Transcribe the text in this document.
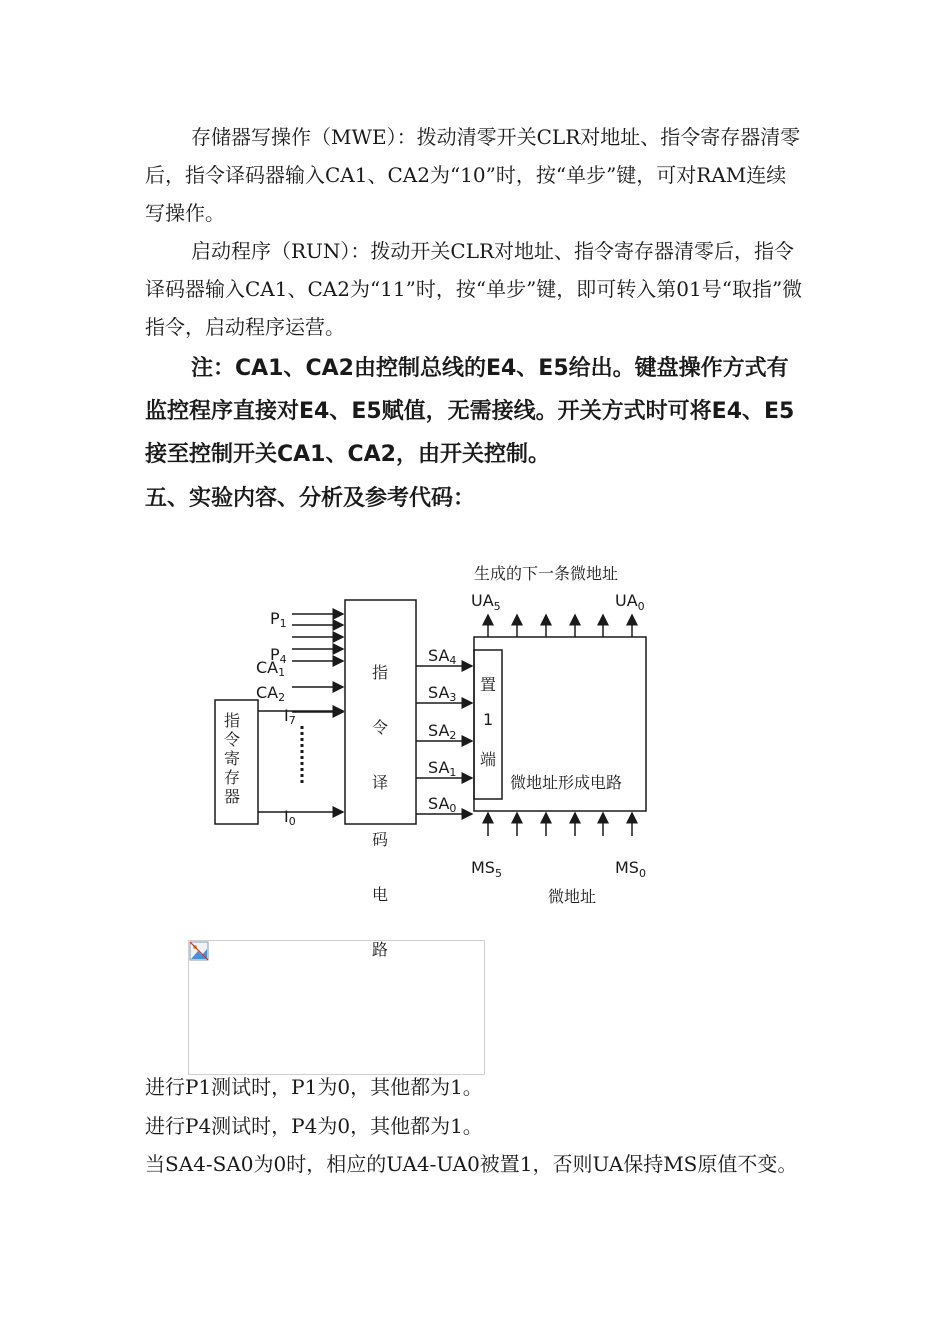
存储器写操作（MWE）：拨动清零开关CLR对地址、指令寄存器清零后，指令译码器输入CA1、CA2为“10”时，按“单步”键，可对RAM连续写操作。

启动程序（RUN）：拨动开关CLR对地址、指令寄存器清零后，指令译码器输入CA1、CA2为“11”时，按“单步”键，即可转入第01号“取指”微指令，启动程序运营。

注：CA1、CA2由控制总线的E4、E5给出。键盘操作方式有监控程序直接对E4、E5赋值，无需接线。开关方式时可将E4、E5接至控制开关CA1、CA2，由开关控制。

五、实验内容、分析及参考代码：

生成的下一条微地址
$UA_5$	$UA_0$
指
令
寄
存
器
指
令
译
码
电
路
P1
P4
CA1
CA2
I7
I0
SA4
SA3
SA2
SA1
SA0
置
1
端
微地址形成电路
$MS_5$	$MS_0$
微地址

进行P1测试时，P1为0，其他都为1。

进行P4测试时，P4为0，其他都为1。

当SA4-SA0为0时，相应的UA4-UA0被置1，否则UA保持MS原值不变。
